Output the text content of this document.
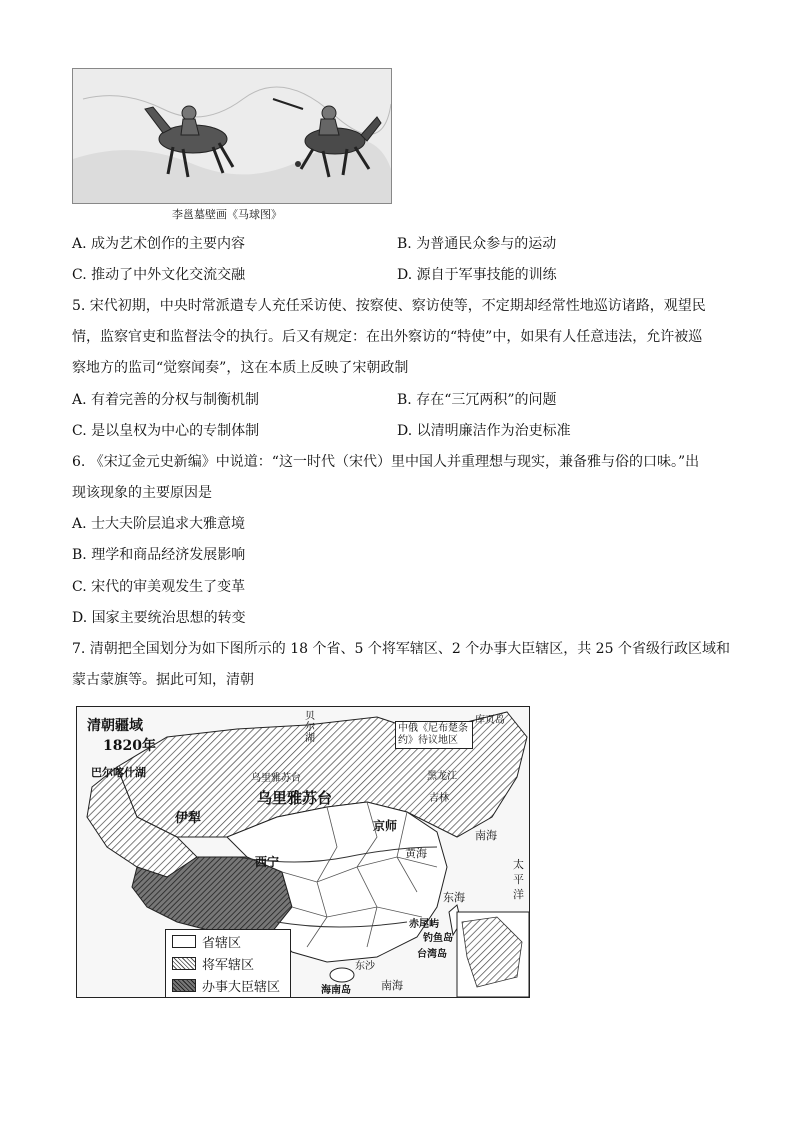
李邕墓壁画《马球图》
A. 成为艺术创作的主要内容	B. 为普通民众参与的运动
C. 推动了中外文化交流交融	D. 源自于军事技能的训练
5. 宋代初期，中央时常派遣专人充任采访使、按察使、察访使等，不定期却经常性地巡访诸路，观望民
情，监察官吏和监督法令的执行。后又有规定：在出外察访的“特使”中，如果有人任意违法，允许被巡
察地方的监司“觉察闻奏”，这在本质上反映了宋朝政制
A. 有着完善的分权与制衡机制	B. 存在“三冗两积”的问题
C. 是以皇权为中心的专制体制	D. 以清明廉洁作为治吏标准
6. 《宋辽金元史新编》中说道：“这一时代（宋代）里中国人并重理想与现实，兼备雅与俗的口味。”出
现该现象的主要原因是
A. 士大夫阶层追求大雅意境
B. 理学和商品经济发展影响
C. 宋代的审美观发生了变革
D. 国家主要统治思想的转变
7. 清朝把全国划分为如下图所示的 18 个省、5 个将军辖区、2 个办事大臣辖区，共 25 个省级行政区域和
蒙古蒙旗等。据此可知，清朝
清朝疆域
1820年
巴尔喀什湖	乌里雅苏台
乌里雅苏台
中俄《尼布楚条约》待议地区
库页岛
贝尔湖
黑龙江
吉林
伊犁	京师
西宁
黄海
东海
南海
太平洋
赤尾屿
钓鱼岛
台湾岛
东沙
海南岛	南海
省辖区
将军辖区
办事大臣辖区
